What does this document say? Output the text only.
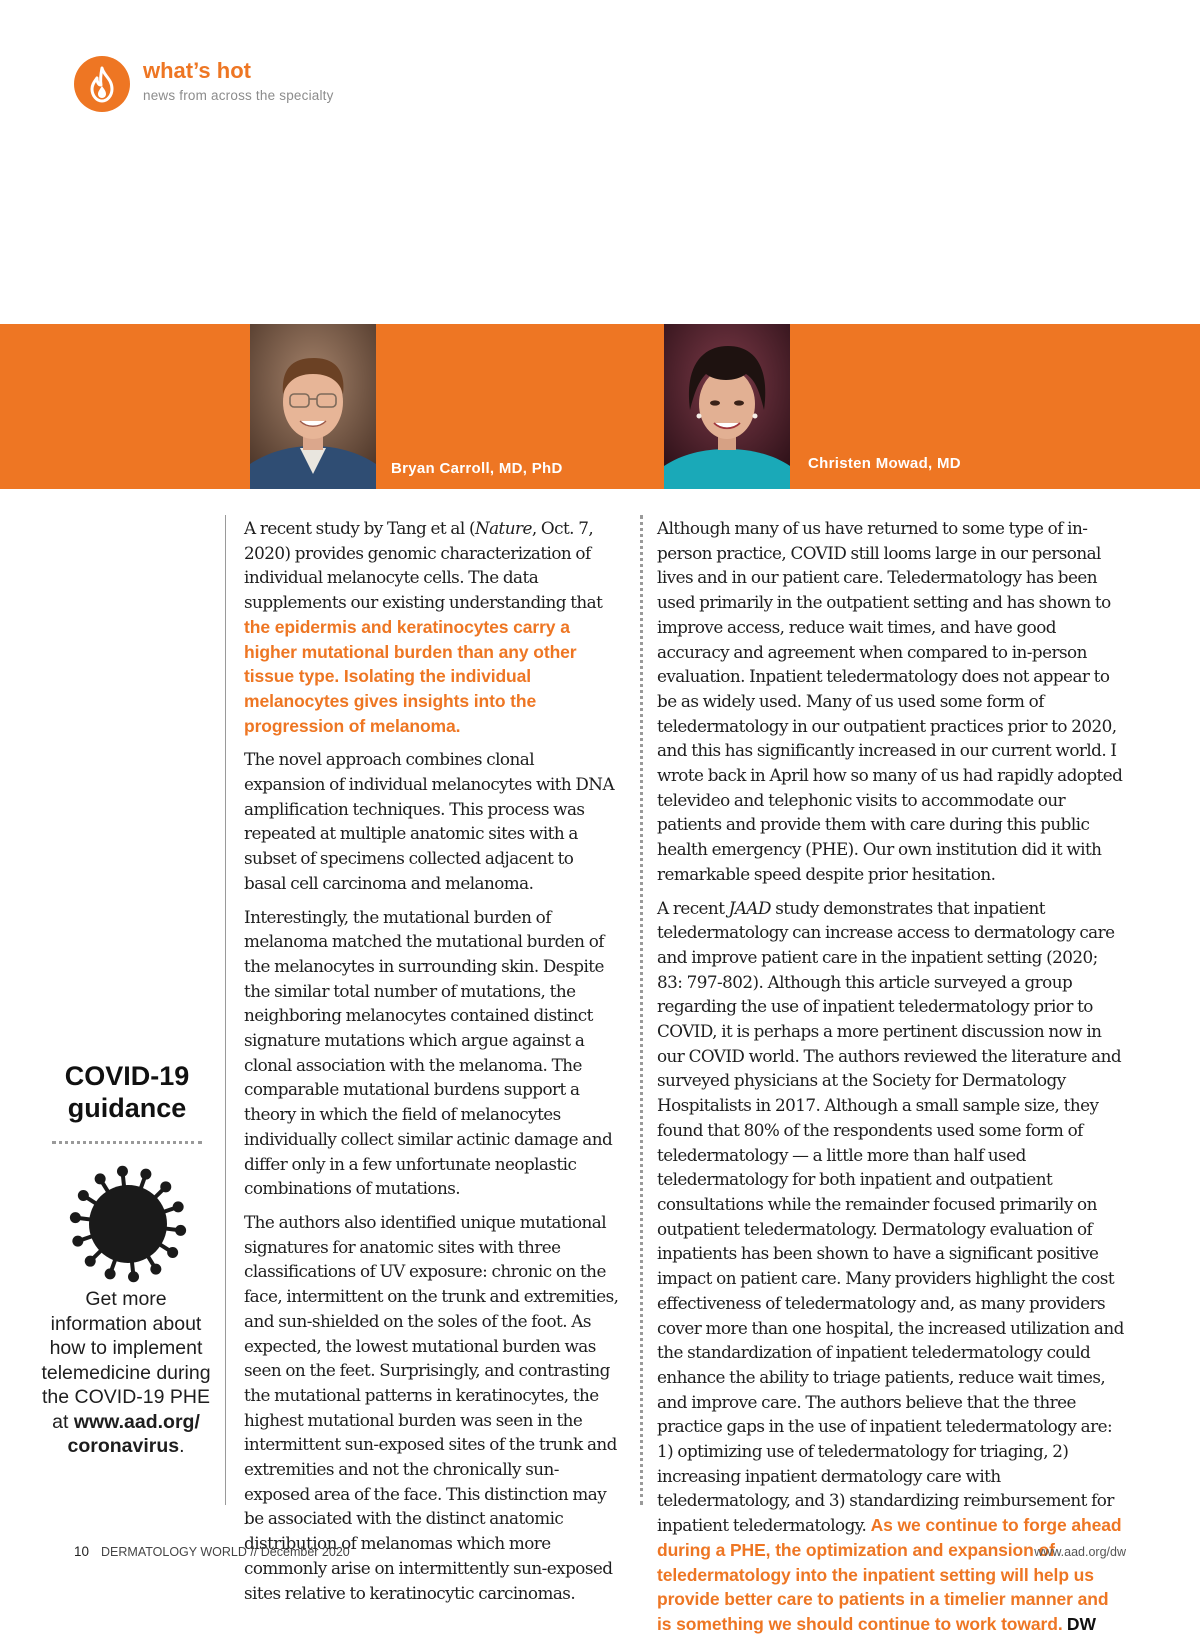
what’s hot
news from across the specialty
Bryan Carroll, MD, PhD	Christen Mowad, MD
COVID-19
guidance
Get more information about how to implement telemedicine during the COVID-19 PHE at www.aad.org/
coronavirus.

A recent study by Tang et al (Nature, Oct. 7, 2020) provides genomic characterization of individual melanocyte cells. The data supplements our existing understanding that the epidermis and keratinocytes carry a higher mutational burden than any other tissue type. Isolating the individual melanocytes gives insights into the progression of melanoma.

The novel approach combines clonal expansion of individual melanocytes with DNA amplification techniques. This process was repeated at multiple anatomic sites with a subset of specimens collected adjacent to basal cell carcinoma and melanoma.

Interestingly, the mutational burden of melanoma matched the mutational burden of the melanocytes in surrounding skin. Despite the similar total number of mutations, the neighboring melanocytes contained distinct signature mutations which argue against a clonal association with the melanoma. The comparable mutational burdens support a theory in which the field of melanocytes individually collect similar actinic damage and differ only in a few unfortunate neoplastic combinations of mutations.

The authors also identified unique mutational signatures for anatomic sites with three classifications of UV exposure: chronic on the face, intermittent on the trunk and extremities, and sun-shielded on the soles of the foot. As expected, the lowest mutational burden was seen on the feet. Surprisingly, and contrasting the mutational patterns in keratinocytes, the highest mutational burden was seen in the intermittent sun-exposed sites of the trunk and extremities and not the chronically sun-exposed area of the face. This distinction may be associated with the distinct anatomic distribution of melanomas which more commonly arise on intermittently sun-exposed sites relative to keratinocytic carcinomas.

Although many of us have returned to some type of in-person practice, COVID still looms large in our personal lives and in our patient care. Teledermatology has been used primarily in the outpatient setting and has shown to improve access, reduce wait times, and have good accuracy and agreement when compared to in-person evaluation. Inpatient teledermatology does not appear to be as widely used. Many of us used some form of teledermatology in our outpatient practices prior to 2020, and this has significantly increased in our current world. I wrote back in April how so many of us had rapidly adopted televideo and telephonic visits to accommodate our patients and provide them with care during this public health emergency (PHE). Our own institution did it with remarkable speed despite prior hesitation.

A recent JAAD study demonstrates that inpatient teledermatology can increase access to dermatology care and improve patient care in the inpatient setting (2020; 83: 797-802). Although this article surveyed a group regarding the use of inpatient teledermatology prior to COVID, it is perhaps a more pertinent discussion now in our COVID world. The authors reviewed the literature and surveyed physicians at the Society for Dermatology Hospitalists in 2017. Although a small sample size, they found that 80% of the respondents used some form of teledermatology — a little more than half used teledermatology for both inpatient and outpatient consultations while the remainder focused primarily on outpatient teledermatology. Dermatology evaluation of inpatients has been shown to have a significant positive impact on patient care. Many providers highlight the cost effectiveness of teledermatology and, as many providers cover more than one hospital, the increased utilization and the standardization of inpatient teledermatology could enhance the ability to triage patients, reduce wait times, and improve care. The authors believe that the three practice gaps in the use of inpatient teledermatology are: 1) optimizing use of teledermatology for triaging, 2) increasing inpatient dermatology care with teledermatology, and 3) standardizing reimbursement for inpatient teledermatology. As we continue to forge ahead during a PHE, the optimization and expansion of teledermatology into the inpatient setting will help us provide better care to patients in a timelier manner and is something we should continue to work toward. DW

10 DERMATOLOGY WORLD // December 2020	www.aad.org/dw
